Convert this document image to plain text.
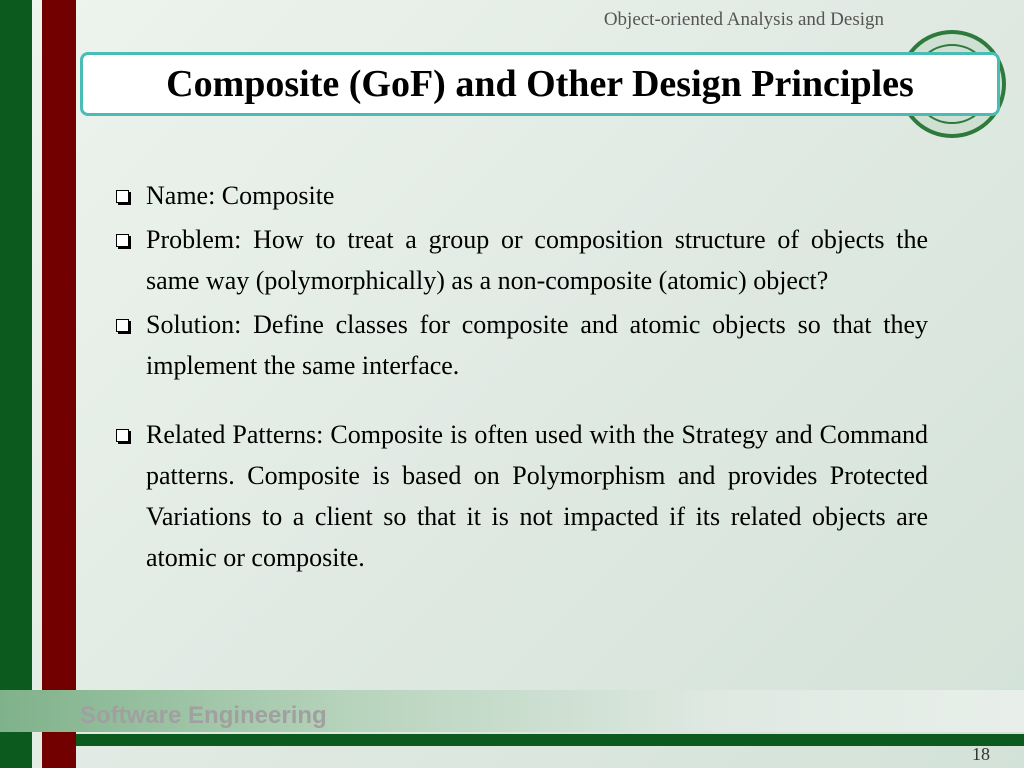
Object-oriented Analysis and Design
Composite (GoF) and Other Design Principles
Name: Composite
Problem: How to treat a group or composition structure of objects the same way (polymorphically) as a non-composite (atomic) object?
Solution: Define classes for composite and atomic objects so that they implement the same interface.
Related Patterns: Composite is often used with the Strategy and Command patterns. Composite is based on Polymorphism and provides Protected Variations to a client so that it is not impacted if its related objects are atomic or composite.
Software Engineering
18
